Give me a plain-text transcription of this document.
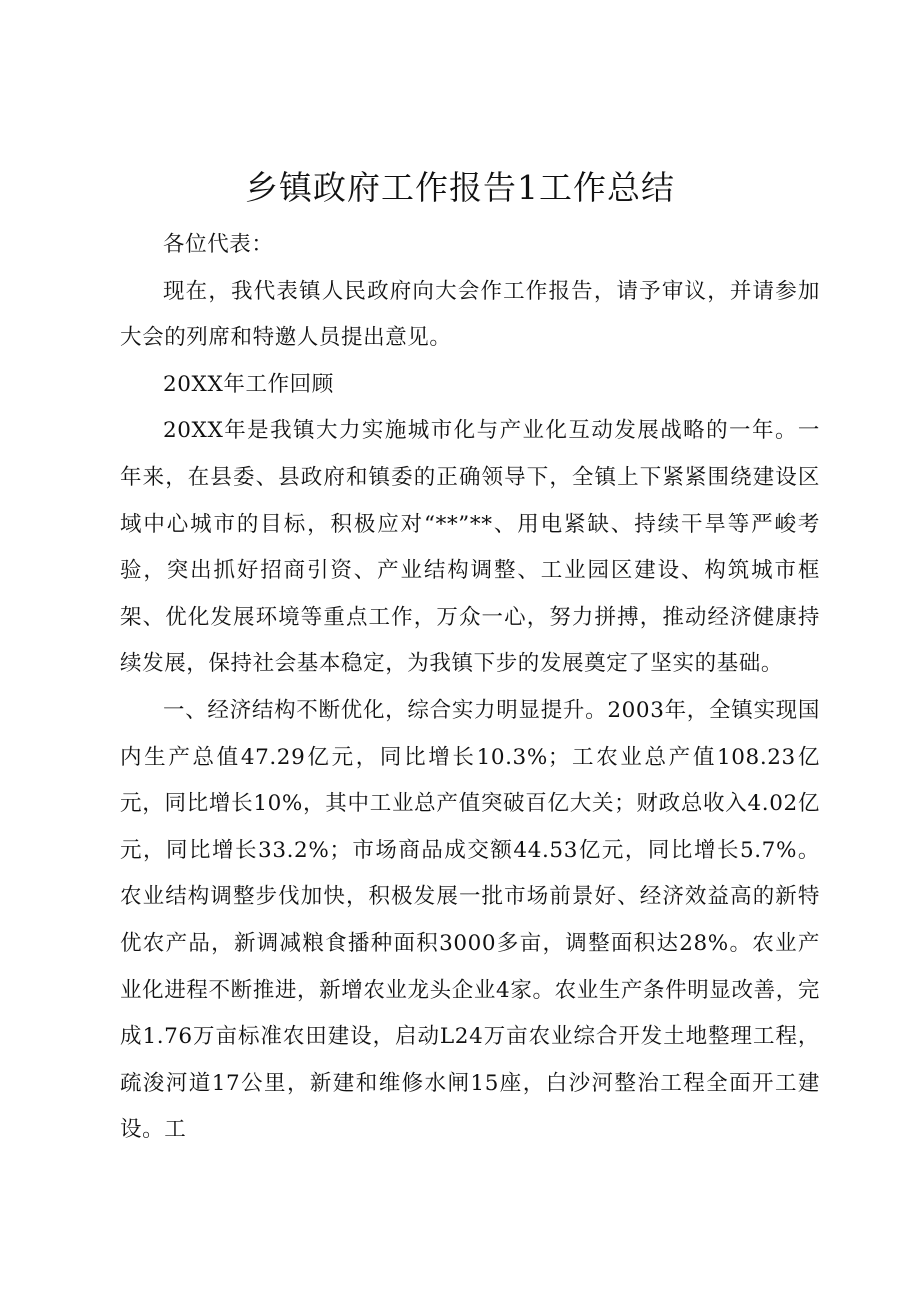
乡镇政府工作报告1工作总结

各位代表：

现在，我代表镇人民政府向大会作工作报告，请予审议，并请参加大会的列席和特邀人员提出意见。

20XX年工作回顾

20XX年是我镇大力实施城市化与产业化互动发展战略的一年。一年来，在县委、县政府和镇委的正确领导下，全镇上下紧紧围绕建设区域中心城市的目标，积极应对“**”**、用电紧缺、持续干旱等严峻考验，突出抓好招商引资、产业结构调整、工业园区建设、构筑城市框架、优化发展环境等重点工作，万众一心，努力拼搏，推动经济健康持续发展，保持社会基本稳定，为我镇下步的发展奠定了坚实的基础。

一、经济结构不断优化，综合实力明显提升。2003年，全镇实现国内生产总值47.29亿元，同比增长10.3%；工农业总产值108.23亿元，同比增长10%，其中工业总产值突破百亿大关；财政总收入4.02亿元，同比增长33.2%；市场商品成交额44.53亿元，同比增长5.7%。农业结构调整步伐加快，积极发展一批市场前景好、经济效益高的新特优农产品，新调减粮食播种面积3000多亩，调整面积达28%。农业产业化进程不断推进，新增农业龙头企业4家。农业生产条件明显改善，完成1.76万亩标准农田建设，启动L24万亩农业综合开发土地整理工程，疏浚河道17公里，新建和维修水闸15座，白沙河整治工程全面开工建设。工
